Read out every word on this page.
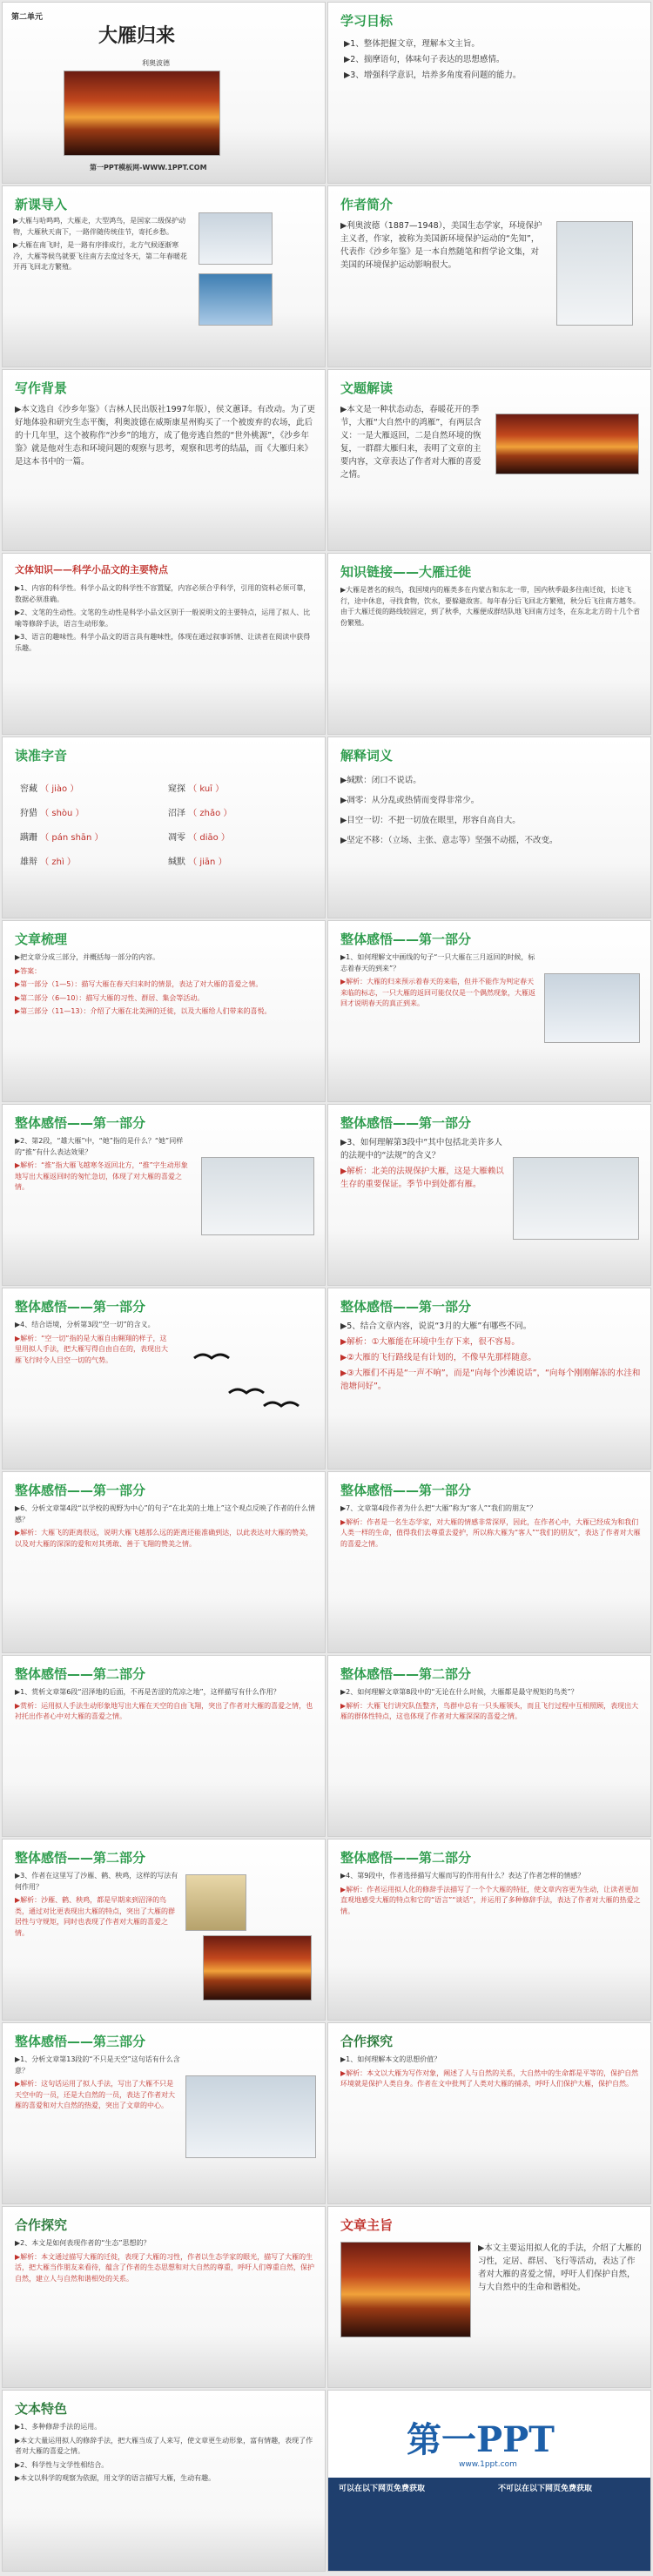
第二单元
大雁归来
利奥波德
第一PPT模板网-WWW.1PPT.COM
学习目标

▶1、整体把握文章，理解本文主旨。

▶2、揣摩语句，体味句子表达的思想感情。

▶3、增强科学意识，培养多角度看问题的能力。

新课导入

▶大雁与哈鸣鸣，大雁走，大型鸿鸟，是国家二级保护动物，大雁秋天南下，一路伴随传统佳节，寄托乡愁。

▶大雁在南飞时，是一路有序排成行，北方气候逐渐寒冷，大雁等候鸟就要飞往南方去度过冬天，第二年春暖花开再飞回北方繁殖。

作者简介
▶利奥波德（1887—1948），美国生态学家，环境保护主义者，作家，被称为美国新环境保护运动的“先知”，代表作《沙乡年鉴》是一本自然随笔和哲学论文集，对美国的环境保护运动影响很大。
写作背景
▶本文选自《沙乡年鉴》（吉林人民出版社1997年版），侯文蕙译。有改动。为了更好地体验和研究生态平衡，利奥波德在威斯康星州购买了一个被废弃的农场，此后的十几年里，这个被称作“沙乡”的地方，成了他旁逃自然的“世外桃源”，《沙乡年鉴》就是他对生态和环境问题的观察与思考，观察和思考的结晶，而《大雁归来》是这本书中的一篇。
文题解读
▶本文是一种状态动态，春暖花开的季节，大雁“大自然中的鸿雁”，有两层含义：一是大雁返回，二是自然环境的恢复，一群群大雁归来，表明了文章的主要内容，文章表达了作者对大雁的喜爱之情。
文体知识——科学小品文的主要特点

▶1、内容的科学性。科学小品文的科学性不容置疑，内容必须合乎科学，引用的资料必须可靠，数据必须准确。

▶2、文笔的生动性。文笔的生动性是科学小品文区别于一般说明文的主要特点，运用了拟人、比喻等修辞手法，语言生动形象。

▶3、语言的趣味性。科学小品文的语言具有趣味性，体现在通过叙事诉情、让读者在阅读中获得乐趣。

知识链接——大雁迁徙
▶大雁是著名的候鸟，我国境内的雁类多在内蒙古和东北一带，国内秋季最多往南迁徙，长途飞行，途中休息，寻找食物，饮水，要躲避敌害。每年春分后飞回北方繁殖，秋分后飞往南方越冬。由于大雁迁徙的路线较固定，到了秋季，大雁便成群结队地飞回南方过冬，在东北北方的十几个省份繁殖。
读准字音
窖藏 （ jiào ）	窥探 （ kuī ）
狩猎 （ shòu ）	沼泽 （ zhǎo ）
蹒跚 （ pán shān ）	凋零 （ diāo ）
雄辩 （ zhì ）	缄默 （ jiān ）
解释词义

▶缄默：闭口不说话。

▶凋零：从分乱或热情而变得非常少。

▶目空一切：不把一切放在眼里，形容自高自大。

▶坚定不移：（立场、主张、意志等）坚强不动摇，不改变。

文章梳理

▶把文章分成三部分，并概括每一部分的内容。

▶答案：

▶第一部分（1—5）：描写大雁在春天归来时的情景，表达了对大雁的喜爱之情。

▶第二部分（6—10）：描写大雁的习性、群居、集会等活动。

▶第三部分（11—13）：介绍了大雁在北美洲的迁徙，以及大雁给人们带来的喜悦。

整体感悟——第一部分

▶1、如何理解文中画线的句子“一只大雁在三月返回的时候，标志着春天的到来”？

▶解析：大雁的归来预示着春天的来临，但并不能作为判定春天来临的标志，一只大雁的返回可能仅仅是一个偶然现象，大雁返回才说明春天的真正到来。

整体感悟——第一部分

▶2、第2段，“雄大雁”中，“她”指的是什么？“她”同样的“推”有什么表达效果？

▶解析：“推”指大雁飞越寒冬返回北方，“推”字生动形象地写出大雁返回时的匆忙急切，体现了对大雁的喜爱之情。

整体感悟——第一部分

▶3、如何理解第3段中“其中包括北美许多人的法规中的“法规”的含义？

▶解析：北美的法规保护大雁，这是大雁赖以生存的重要保证。季节中到处都有雁。

整体感悟——第一部分

▶4、结合语境，分析第3段“空一切”的含义。

▶解析：“空一切”指的是大雁自由翱翔的样子，这里用拟人手法，把大雁写得自由自在的，表现出大雁飞行时令人目空一切的气势。

整体感悟——第一部分

▶5、结合文章内容，说说“3月的大雁”有哪些不同。

▶解析：①大雁能在环境中生存下来，很不容易。

▶②大雁的飞行路线是有计划的，不像早先那样随意。

▶③大雁们不再是“一声不响”，而是“向每个沙滩说话”，“向每个刚刚解冻的水洼和池塘问好”。

整体感悟——第一部分

▶6、分析文章第4段“以学校的视野为中心”的句子“在北美的土地上”这个观点反映了作者的什么情感？

▶解析：大雁飞的距离很远，说明大雁飞越那么远的距离还能准确到达，以此表达对大雁的赞美，以及对大雁的深深的爱和对其勇敢、善于飞翔的赞美之情。

整体感悟——第一部分

▶7、文章第4段作者为什么把“大雁”称为“客人”“我们的朋友”？

▶解析：作者是一名生态学家，对大雁的情感非常深厚，因此，在作者心中，大雁已经成为和我们人类一样的生命，值得我们去尊重去爱护，所以称大雁为“客人”“我们的朋友”，表达了作者对大雁的喜爱之情。

整体感悟——第二部分

▶1、赏析文章第6段“沼泽地的后面，不再是苦涩的荒凉之地”，这样描写有什么作用？

▶赏析：运用拟人手法生动形象地写出大雁在天空的自由飞翔，突出了作者对大雁的喜爱之情，也衬托出作者心中对大雁的喜爱之情。

整体感悟——第二部分

▶2、如何理解文章第8段中的“无论在什么时候，大雁都是最守规矩的鸟类”？

▶解析：大雁飞行讲究队伍整齐，鸟群中总有一只头雁领头，而且飞行过程中互相照顾，表现出大雁的群体性特点，这也体现了作者对大雁深深的喜爱之情。

整体感悟——第二部分

▶3、作者在这里写了沙雁、鹤、秧鸡，这样的写法有何作用？

▶解析：沙雁、鹤、秧鸡，都是早期来到沼泽的鸟类，通过对比更表现出大雁的特点，突出了大雁的群居性与守规矩，同时也表现了作者对大雁的喜爱之情。

整体感悟——第二部分

▶4、第9段中，作者选择描写大雁而写的作用有什么？表达了作者怎样的情感？

▶解析：作者运用拟人化的修辞手法描写了一个个大雁的特征，使文章内容更为生动，让读者更加直观地感受大雁的特点和它的“语言”“谈话”，并运用了多种修辞手法，表达了作者对大雁的热爱之情。

整体感悟——第三部分

▶1、分析文章第13段的“不只是天空”这句话有什么含意？

▶解析：这句话运用了拟人手法，写出了大雁不只是天空中的一员，还是大自然的一员，表达了作者对大雁的喜爱和对大自然的热爱，突出了文章的中心。

合作探究

▶1、如何理解本文的思想价值？

▶解析：本文以大雁为写作对象，阐述了人与自然的关系，大自然中的生命都是平等的，保护自然环境就是保护人类自身。作者在文中批判了人类对大雁的捕杀，呼吁人们保护大雁，保护自然。

合作探究

▶2、本文是如何表现作者的“生态”思想的？

▶解析：本文通过描写大雁的迁徙，表现了大雁的习性，作者以生态学家的眼光，描写了大雁的生活，把大雁当作朋友来看待，蕴含了作者的生态思想和对大自然的尊重，呼吁人们尊重自然，保护自然，建立人与自然和谐相处的关系。

文章主旨
▶本文主要运用拟人化的手法，介绍了大雁的习性，定居、群居、飞行等活动，表达了作者对大雁的喜爱之情，呼吁人们保护自然，与大自然中的生命和谐相处。
文本特色

▶1、多种修辞手法的运用。

▶本文大量运用拟人的修辞手法，把大雁当成了人来写，使文章更生动形象，富有情趣，表现了作者对大雁的喜爱之情。

▶2、科学性与文学性相结合。

▶本文以科学的观察为依据，用文学的语言描写大雁，生动有趣。

第一PPT
www.1ppt.com
可以在以下网页免费获取	不可以在以下网页免费获取
